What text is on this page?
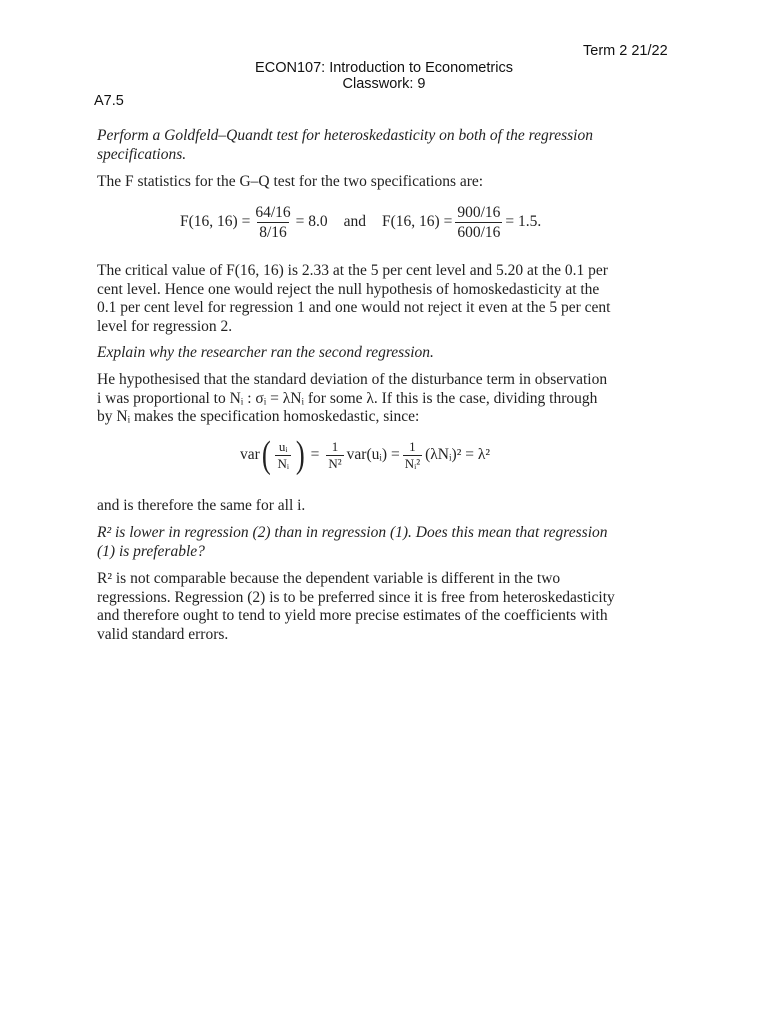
Term 2 21/22
ECON107: Introduction to Econometrics
Classwork: 9
A7.5

Perform a Goldfeld–Quandt test for heteroskedasticity on both of the regression specifications.

The F statistics for the G–Q test for the two specifications are:

F(16, $16) = \frac{64/16}{8/16} = 8.0$ and F(16, $16) = \frac{900/16}{600/16} = 1.5$.
The critical value of F(16, 16) is 2.33 at the 5 per cent level and 5.20 at the 0.1 per
cent level. Hence one would reject the null hypothesis of homoskedasticity at the
0.1 per cent level for regression 1 and one would not reject it even at the 5 per cent
level for regression 2.

Explain why the researcher ran the second regression.

He hypothesised that the standard deviation of the disturbance term in observation
i was proportional to Nᵢ : σᵢ = λNᵢ for some λ. If this is the case, dividing through
by Nᵢ makes the specification homoskedastic, since:
var ( $\frac{\text{uᵢ}}{\text{Nᵢ}}$ ) = $\frac{1}{\text{N²}}$ var(uᵢ) = $\frac{1}{\text{Nᵢ²}}$ (λNᵢ)² = λ²

and is therefore the same for all i.

R² is lower in regression (2) than in regression (1). Does this mean that regression
(1) is preferable?
R² is not comparable because the dependent variable is different in the two
regressions. Regression (2) is to be preferred since it is free from heteroskedasticity
and therefore ought to tend to yield more precise estimates of the coefficients with
valid standard errors.
